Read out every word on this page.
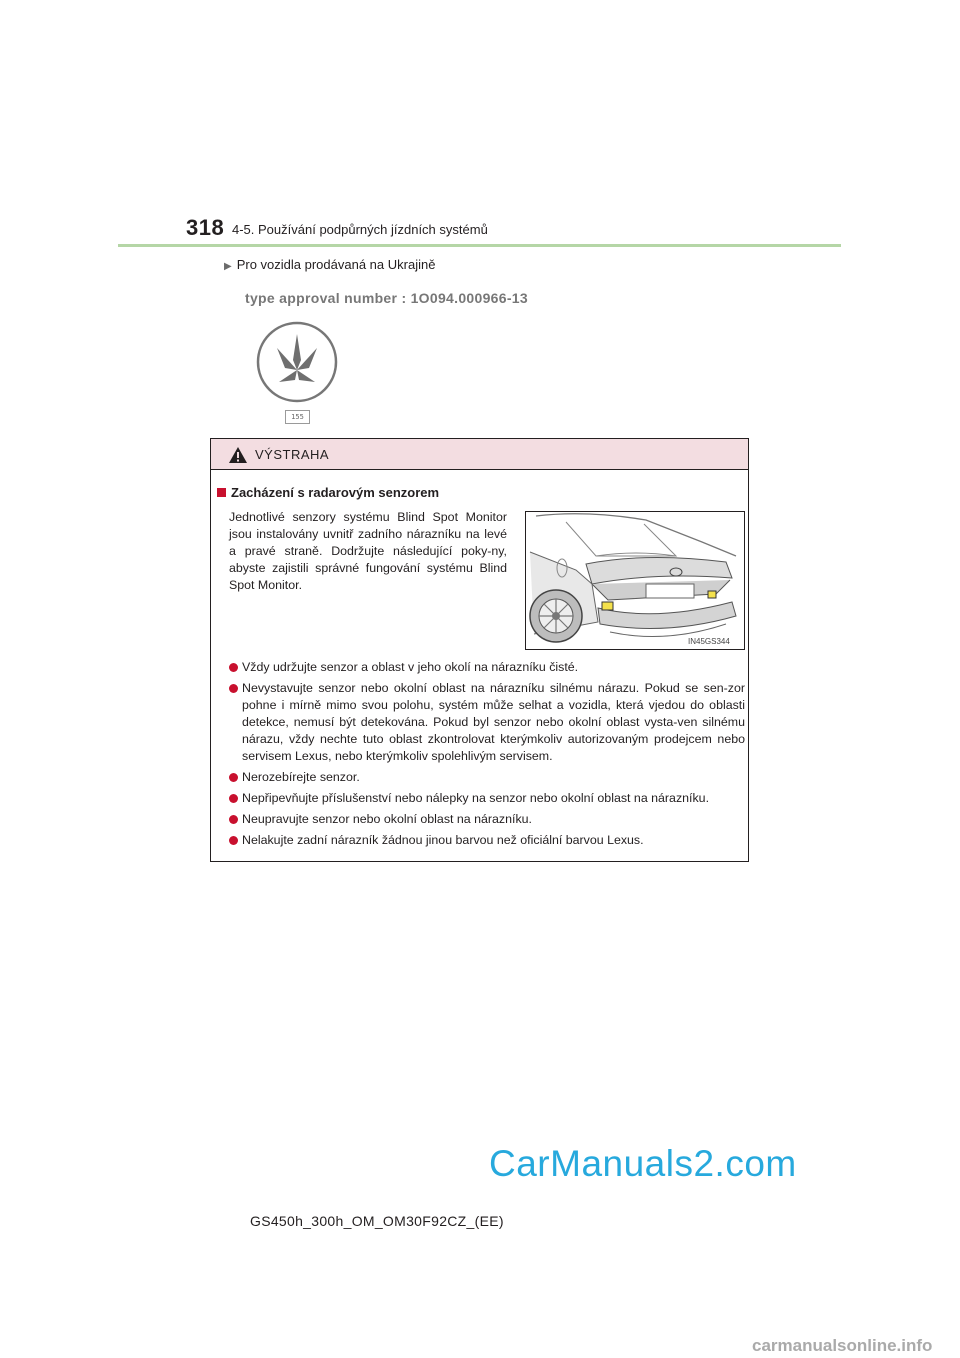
318 4-5. Používání podpůrných jízdních systémů
▶ Pro vozidla prodávaná na Ukrajině
type approval number : 1O094.000966-13
155
VÝSTRAHA
Zacházení s radarovým senzorem
Jednotlivé senzory systému Blind Spot Monitor jsou instalovány uvnitř zadního nárazníku na levé a pravé straně. Dodržujte následující poky-ny, abyste zajistili správné fungování systému Blind Spot Monitor.
IN45GS344
Vždy udržujte senzor a oblast v jeho okolí na nárazníku čisté.
Nevystavujte senzor nebo okolní oblast na nárazníku silnému nárazu. Pokud se sen-zor pohne i mírně mimo svou polohu, systém může selhat a vozidla, která vjedou do oblasti detekce, nemusí být detekována. Pokud byl senzor nebo okolní oblast vysta-ven silnému nárazu, vždy nechte tuto oblast zkontrolovat kterýmkoliv autorizovaným prodejcem nebo servisem Lexus, nebo kterýmkoliv spolehlivým servisem.
Nerozebírejte senzor.
Nepřipevňujte příslušenství nebo nálepky na senzor nebo okolní oblast na nárazníku.
Neupravujte senzor nebo okolní oblast na nárazníku.
Nelakujte zadní nárazník žádnou jinou barvou než oficiální barvou Lexus.
CarManuals2.com
GS450h_300h_OM_OM30F92CZ_(EE)
carmanualsonline.info
